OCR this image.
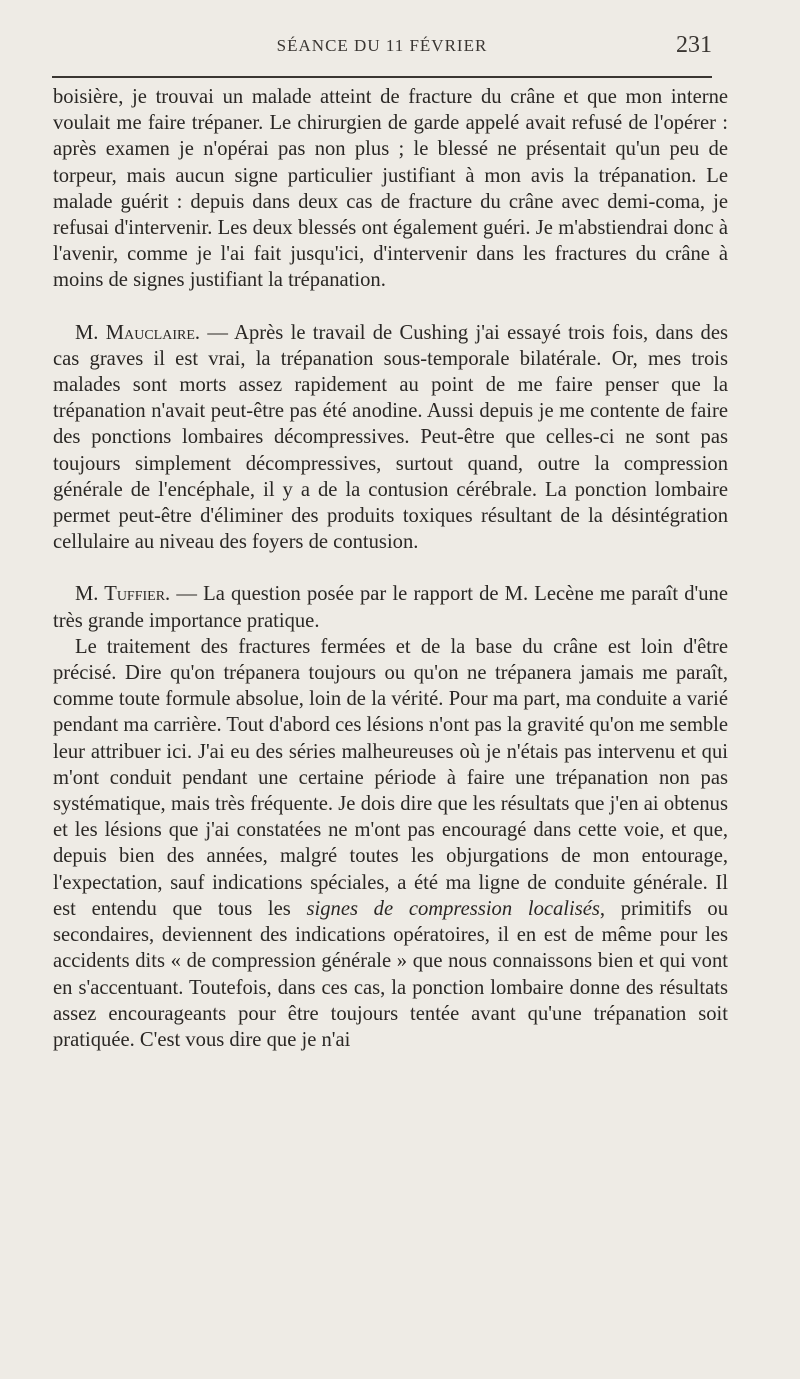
SÉANCE DU 11 FÉVRIER	231

boisière, je trouvai un malade atteint de fracture du crâne et que mon interne voulait me faire trépaner. Le chirurgien de garde appelé avait refusé de l'opérer : après examen je n'opérai pas non plus ; le blessé ne présentait qu'un peu de torpeur, mais aucun signe particulier justifiant à mon avis la trépanation. Le malade guérit : depuis dans deux cas de fracture du crâne avec demi-coma, je refusai d'intervenir. Les deux blessés ont également guéri. Je m'abstiendrai donc à l'avenir, comme je l'ai fait jusqu'ici, d'intervenir dans les fractures du crâne à moins de signes justifiant la trépanation.

M. Mauclaire. — Après le travail de Cushing j'ai essayé trois fois, dans des cas graves il est vrai, la trépanation sous-temporale bilatérale. Or, mes trois malades sont morts assez rapidement au point de me faire penser que la trépanation n'avait peut-être pas été anodine. Aussi depuis je me contente de faire des ponctions lombaires décompressives. Peut-être que celles-ci ne sont pas toujours simplement décompressives, surtout quand, outre la compression générale de l'encéphale, il y a de la contusion cérébrale. La ponction lombaire permet peut-être d'éliminer des produits toxiques résultant de la désintégration cellulaire au niveau des foyers de contusion.

M. Tuffier. — La question posée par le rapport de M. Lecène me paraît d'une très grande importance pratique.

Le traitement des fractures fermées et de la base du crâne est loin d'être précisé. Dire qu'on trépanera toujours ou qu'on ne trépanera jamais me paraît, comme toute formule absolue, loin de la vérité. Pour ma part, ma conduite a varié pendant ma carrière. Tout d'abord ces lésions n'ont pas la gravité qu'on me semble leur attribuer ici. J'ai eu des séries malheureuses où je n'étais pas intervenu et qui m'ont conduit pendant une certaine période à faire une trépanation non pas systématique, mais très fréquente. Je dois dire que les résultats que j'en ai obtenus et les lésions que j'ai constatées ne m'ont pas encouragé dans cette voie, et que, depuis bien des années, malgré toutes les objurgations de mon entourage, l'expectation, sauf indications spéciales, a été ma ligne de conduite générale. Il est entendu que tous les signes de compression localisés, primitifs ou secondaires, deviennent des indications opératoires, il en est de même pour les accidents dits « de compression générale » que nous connaissons bien et qui vont en s'accentuant. Toutefois, dans ces cas, la ponction lombaire donne des résultats assez encourageants pour être toujours tentée avant qu'une trépanation soit pratiquée. C'est vous dire que je n'ai
